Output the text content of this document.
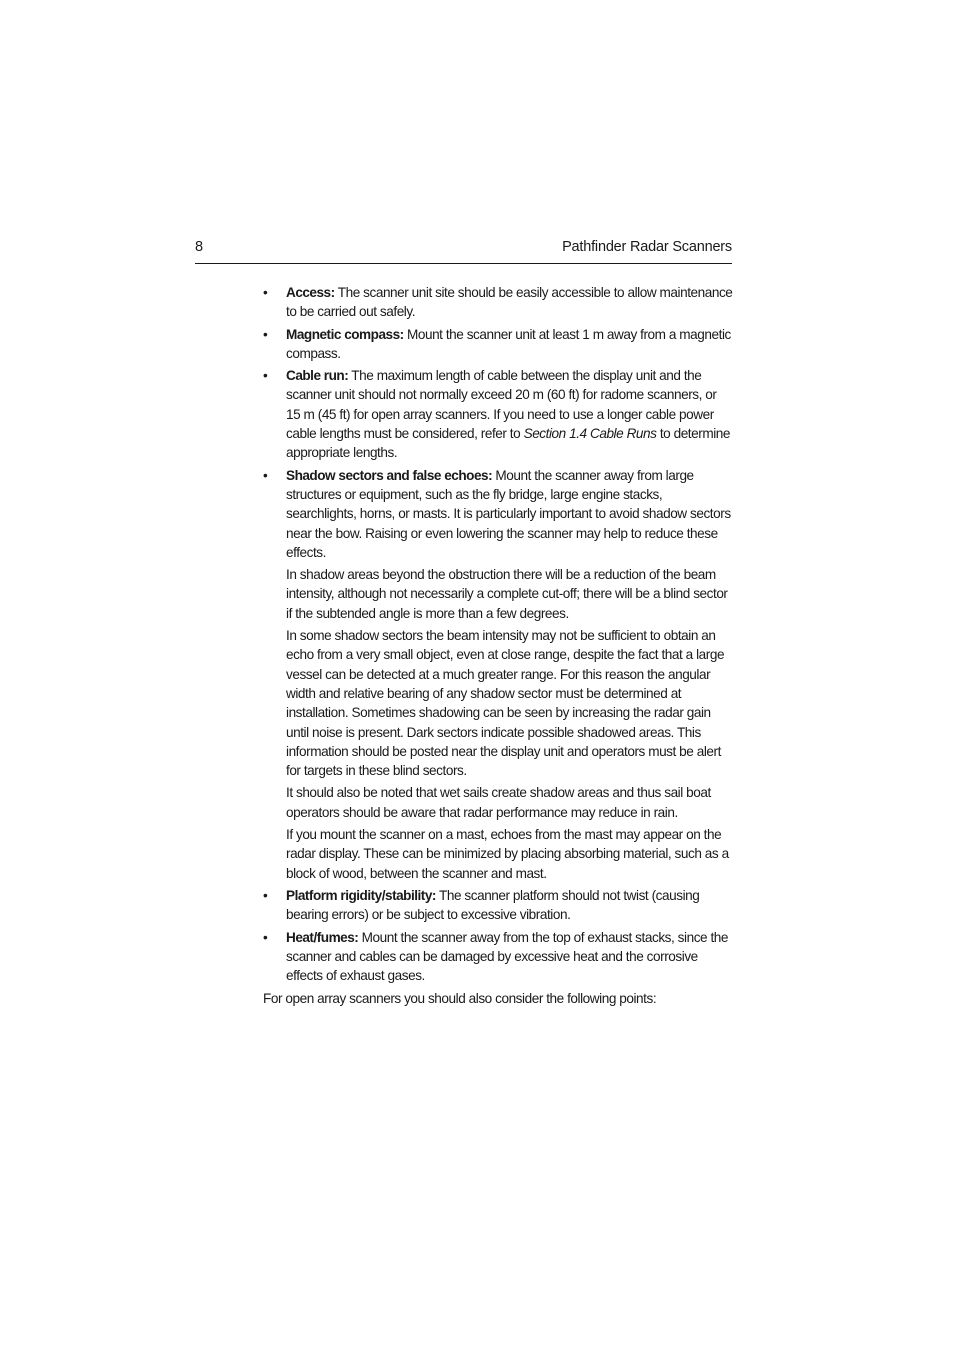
8	Pathfinder Radar Scanners
•	Access: The scanner unit site should be easily accessible to allow maintenance to be carried out safely.

•	Magnetic compass: Mount the scanner unit at least 1 m away from a magnetic compass.

•	Cable run: The maximum length of cable between the display unit and the scanner unit should not normally exceed 20 m (60 ft) for radome scanners, or 15 m (45 ft) for open array scanners. If you need to use a longer cable power cable lengths must be considered, refer to Section 1.4 Cable Runs to determine appropriate lengths.

•	Shadow sectors and false echoes: Mount the scanner away from large structures or equipment, such as the fly bridge, large engine stacks, searchlights, horns, or masts. It is particularly important to avoid shadow sectors near the bow. Raising or even lowering the scanner may help to reduce these effects.

In shadow areas beyond the obstruction there will be a reduction of the beam intensity, although not necessarily a complete cut-off; there will be a blind sector if the subtended angle is more than a few degrees.

In some shadow sectors the beam intensity may not be sufficient to obtain an echo from a very small object, even at close range, despite the fact that a large vessel can be detected at a much greater range. For this reason the angular width and relative bearing of any shadow sector must be determined at installation. Sometimes shadowing can be seen by increasing the radar gain until noise is present. Dark sectors indicate possible shadowed areas. This information should be posted near the display unit and operators must be alert for targets in these blind sectors.

It should also be noted that wet sails create shadow areas and thus sail boat operators should be aware that radar performance may reduce in rain.

If you mount the scanner on a mast, echoes from the mast may appear on the radar display. These can be minimized by placing absorbing material, such as a block of wood, between the scanner and mast.

•	Platform rigidity/stability: The scanner platform should not twist (causing bearing errors) or be subject to excessive vibration.

•	Heat/fumes: Mount the scanner away from the top of exhaust stacks, since the scanner and cables can be damaged by excessive heat and the corrosive effects of exhaust gases.

For open array scanners you should also consider the following points:
